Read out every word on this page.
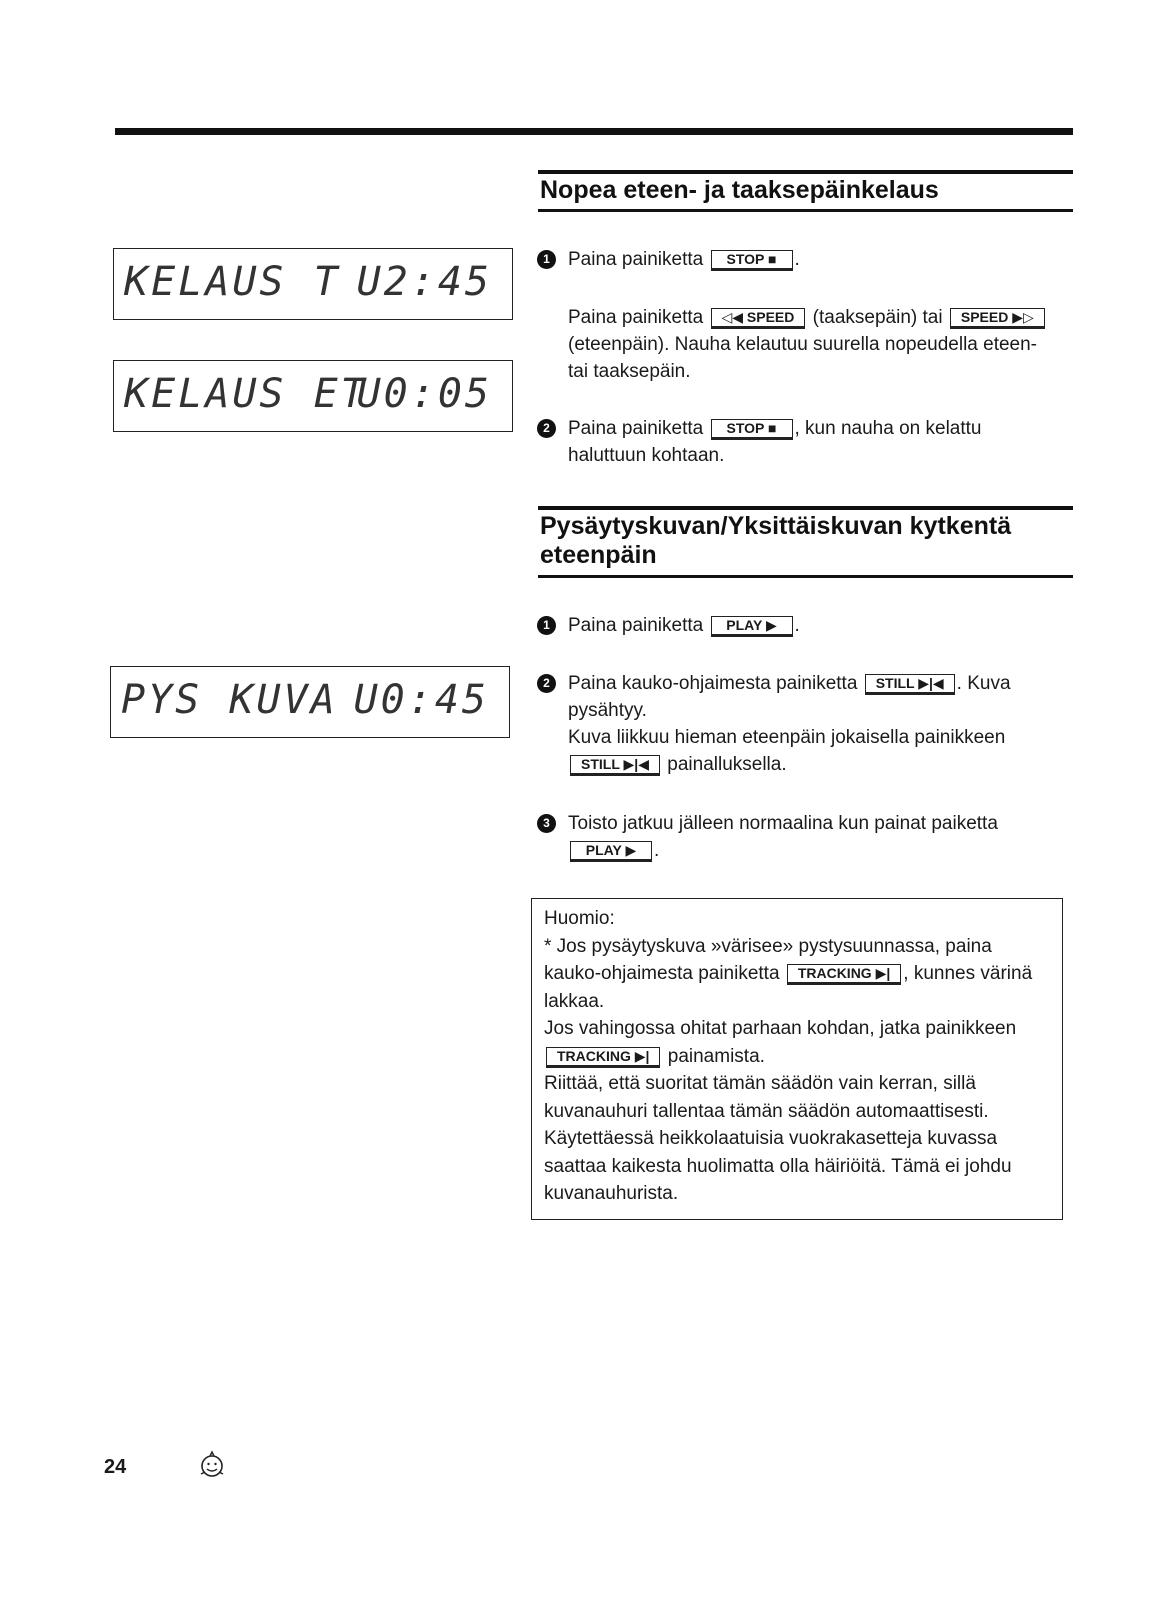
Nopea eteen- ja taaksepäinkelaus
KELAUS T U2:45
KELAUS ET
U0:05
1 Paina painiketta STOP ■ .
Paina painiketta ◁◀ SPEED (taaksepäin) tai SPEED ▶▷ (eteenpäin). Nauha kelautuu suurella nopeudella eteen- tai taaksepäin.
2 Paina painiketta STOP ■ , kun nauha on kelattu haluttuun kohtaan.
Pysäytyskuvan/Yksittäiskuvan kytkentä eteenpäin
PYS KUVA U0:45
1 Paina painiketta PLAY ▶ .
2 Paina kauko-ohjaimesta painiketta STILL ▶|◀ . Kuva pysähtyy.
Kuva liikkuu hieman eteenpäin jokaisella painikkeen
STILL ▶|◀ painalluksella.
3 Toisto jatkuu jälleen normaalina kun painat paiketta
PLAY ▶ .

Huomio:

* Jos pysäytyskuva »värisee» pystysuunnassa, paina kauko-ohjaimesta painiketta TRACKING ▶| , kunnes värinä lakkaa.

Jos vahingossa ohitat parhaan kohdan, jatka painikkeen TRACKING ▶| painamista.

Riittää, että suoritat tämän säädön vain kerran, sillä kuvanauhuri tallentaa tämän säädön automaattisesti.

Käytettäessä heikkolaatuisia vuokrakasetteja kuvassa saattaa kaikesta huolimatta olla häiriöitä. Tämä ei johdu kuvanauhurista.

24
